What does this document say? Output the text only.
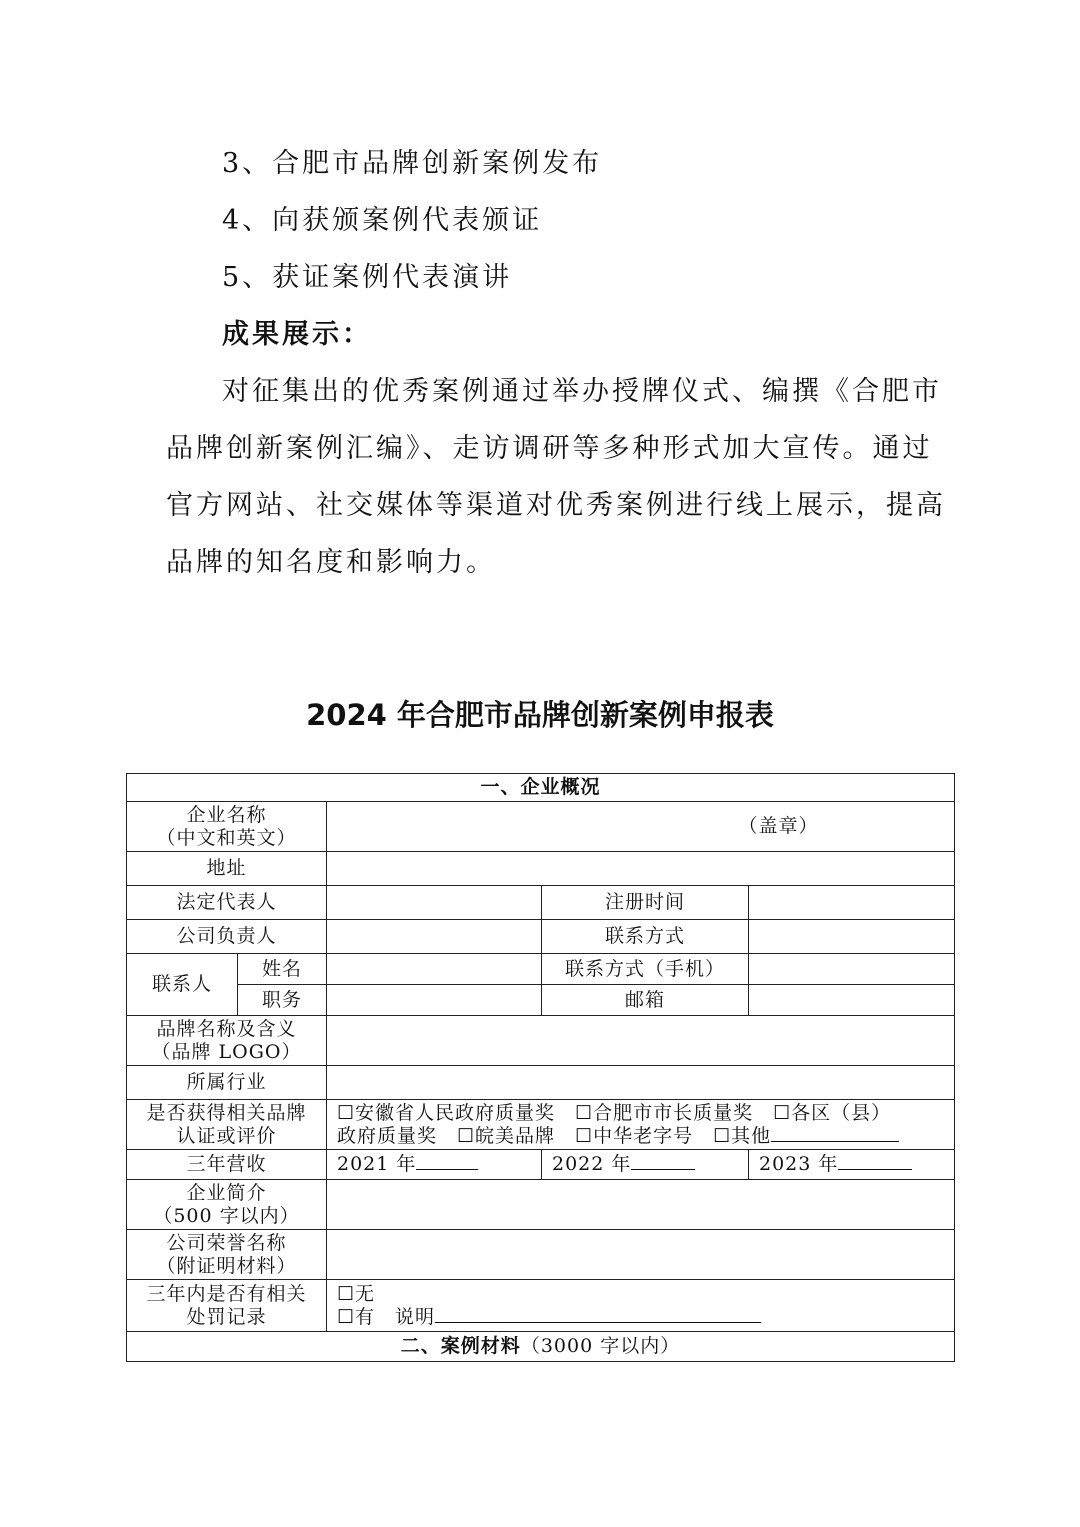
3、合肥市品牌创新案例发布
4、向获颁案例代表颁证
5、获证案例代表演讲
成果展示：
对征集出的优秀案例通过举办授牌仪式、编撰《合肥市
品牌创新案例汇编》、走访调研等多种形式加大宣传。通过
官方网站、社交媒体等渠道对优秀案例进行线上展示，提高
品牌的知名度和影响力。
2024 年合肥市品牌创新案例申报表
一、企业概况				

企业名称
（中文和英文）		（盖章）		
地址				
法定代表人			注册时间	
公司负责人			联系方式	
联系人	姓名		联系方式（手机）	
	职务		邮箱	

品牌名称及含义
（品牌 LOGO）				

所属行业				

是否获得相关品牌
认证或评价		☐安徽省人民政府质量奖　☐合肥市市长质量奖　☐各区（县）
政府质量奖　☐皖美品牌　☐中华老字号　☐其他		

三年营收		2021 年	2022 年	2023 年

企业简介
（500 字以内）				

公司荣誉名称
（附证明材料）				

三年内是否有相关
处罚记录		☐无
☐有　说明		

二、案例材料（3000 字以内）				
